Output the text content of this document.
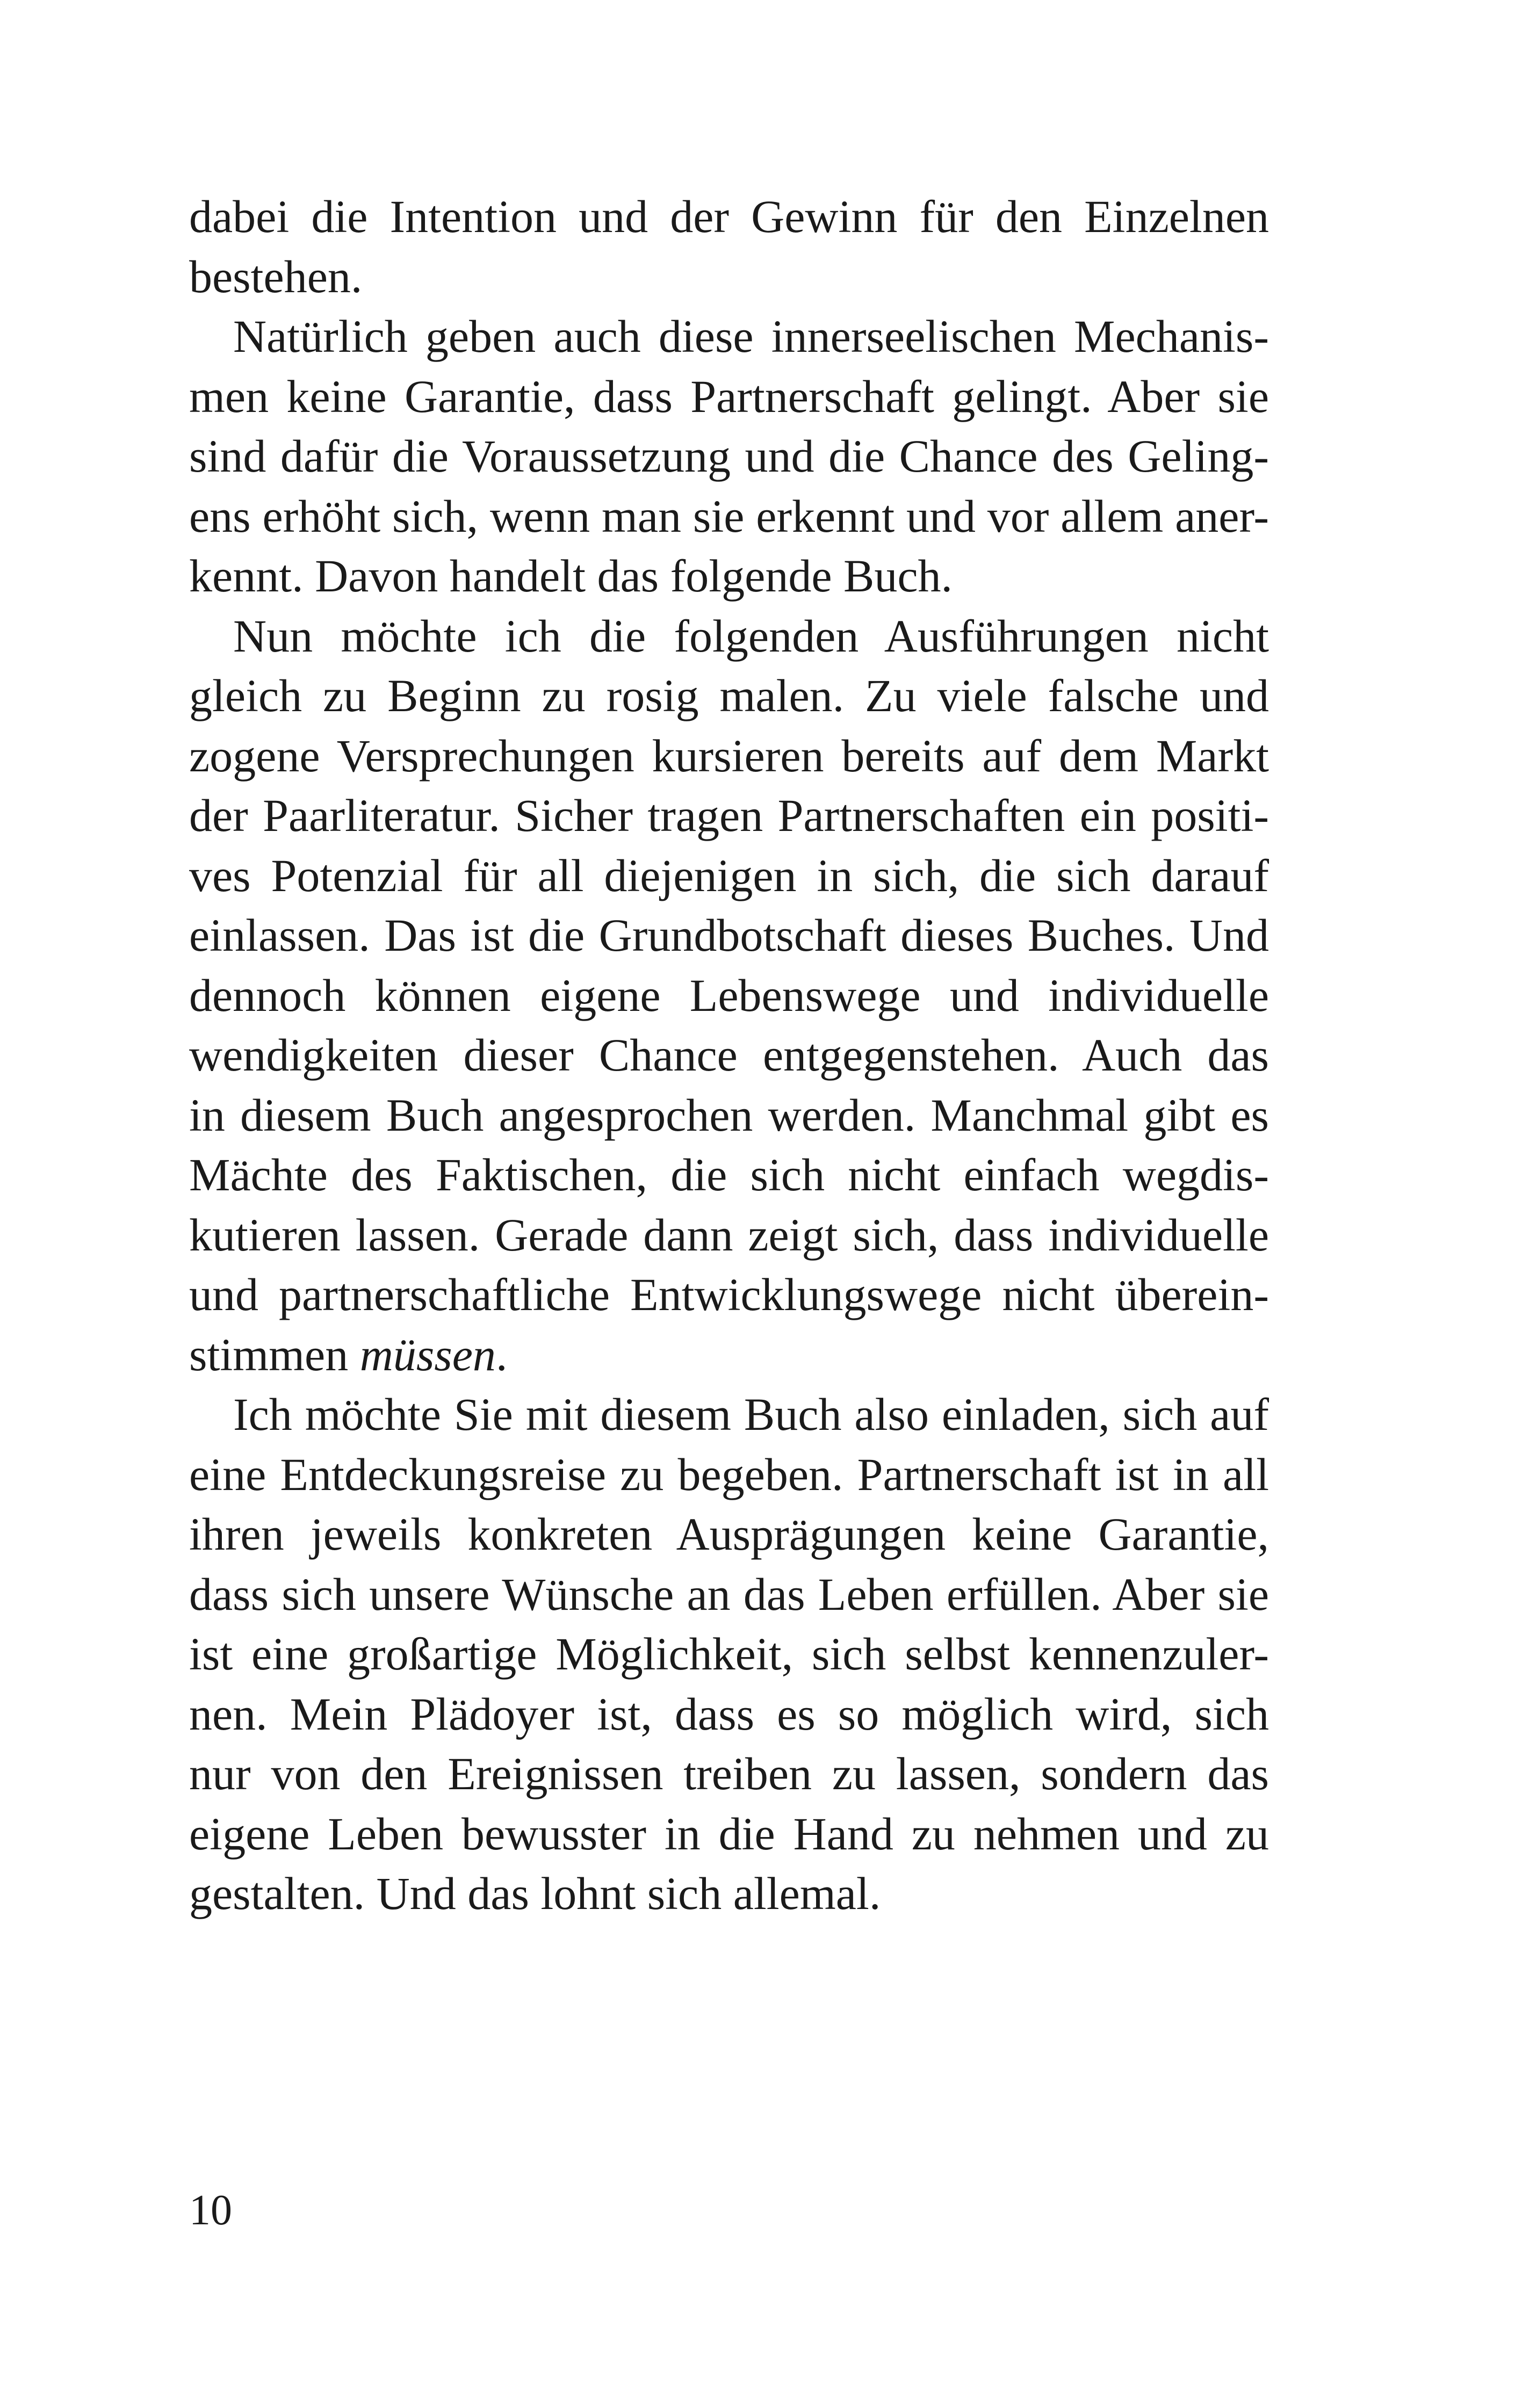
dabei die Intention und der Gewinn für den Einzelnen
bestehen.
Natürlich geben auch diese innerseelischen Mechanis-
men keine Garantie, dass Partnerschaft gelingt. Aber sie
sind dafür die Voraussetzung und die Chance des Geling-
ens erhöht sich, wenn man sie erkennt und vor allem aner-
kennt. Davon handelt das folgende Buch.
Nun möchte ich die folgenden Ausführungen nicht
gleich zu Beginn zu rosig malen. Zu viele falsche und
zogene Versprechungen kursieren bereits auf dem Markt
der Paarliteratur. Sicher tragen Partnerschaften ein positi-
ves Potenzial für all diejenigen in sich, die sich darauf
einlassen. Das ist die Grundbotschaft dieses Buches. Und
dennoch können eigene Lebenswege und individuelle
wendigkeiten dieser Chance entgegenstehen. Auch das
in diesem Buch angesprochen werden. Manchmal gibt es
Mächte des Faktischen, die sich nicht einfach wegdis-
kutieren lassen. Gerade dann zeigt sich, dass individuelle
und partnerschaftliche Entwicklungswege nicht überein-
stimmen müssen.
Ich möchte Sie mit diesem Buch also einladen, sich auf
eine Entdeckungsreise zu begeben. Partnerschaft ist in all
ihren jeweils konkreten Ausprägungen keine Garantie,
dass sich unsere Wünsche an das Leben erfüllen. Aber sie
ist eine großartige Möglichkeit, sich selbst kennenzuler-
nen. Mein Plädoyer ist, dass es so möglich wird, sich
nur von den Ereignissen treiben zu lassen, sondern das
eigene Leben bewusster in die Hand zu nehmen und zu
gestalten. Und das lohnt sich allemal.
10
